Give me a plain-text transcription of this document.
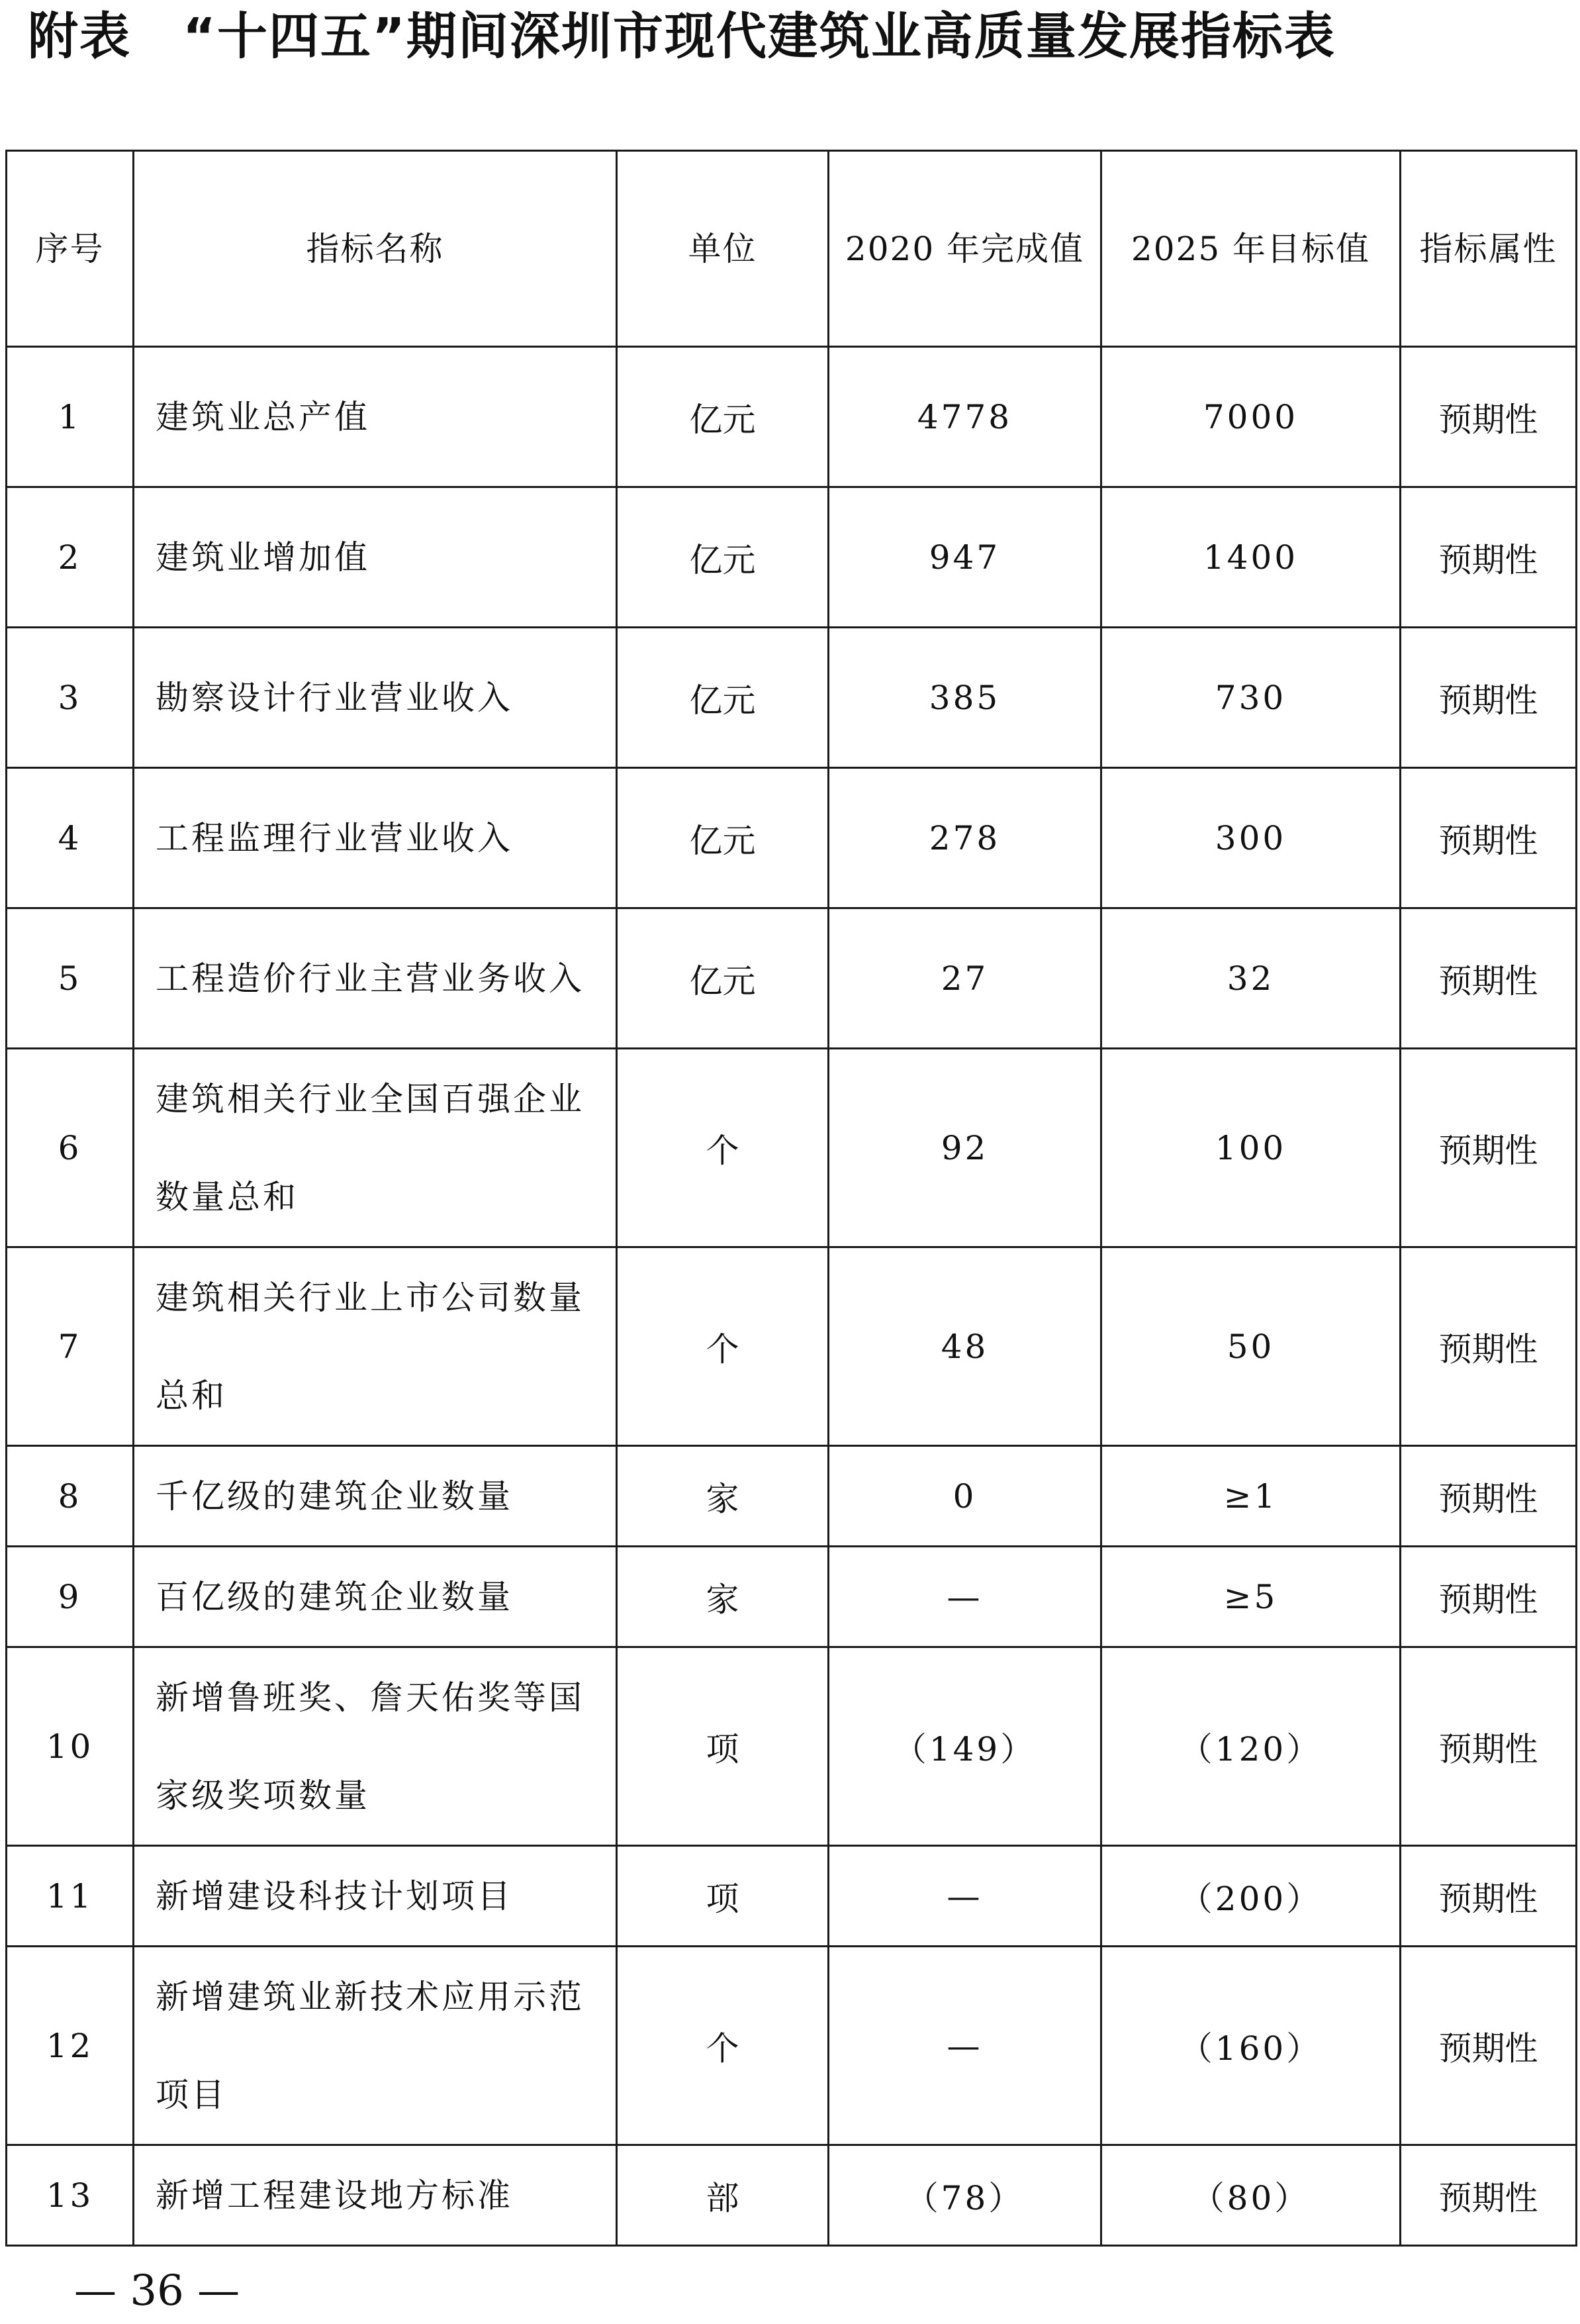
附表　“十四五”期间深圳市现代建筑业高质量发展指标表
序号	指标名称	单位	2020 年完成值	2025 年目标值	指标属性
1	建筑业总产值	亿元	4778	7000	预期性
2	建筑业增加值	亿元	947	1400	预期性
3	勘察设计行业营业收入	亿元	385	730	预期性
4	工程监理行业营业收入	亿元	278	300	预期性
5	工程造价行业主营业务收入	亿元	27	32	预期性
6	建筑相关行业全国百强企业数量总和	个	92	100	预期性
7	建筑相关行业上市公司数量总和	个	48	50	预期性
8	千亿级的建筑企业数量	家	0	≥1	预期性
9	百亿级的建筑企业数量	家	—	≥5	预期性
10	新增鲁班奖、詹天佑奖等国家级奖项数量	项	（149）	（120）	预期性
11	新增建设科技计划项目	项	—	（200）	预期性
12	新增建筑业新技术应用示范项目	个	—	（160）	预期性
13	新增工程建设地方标准	部	（78）	（80）	预期性
— 36 —
